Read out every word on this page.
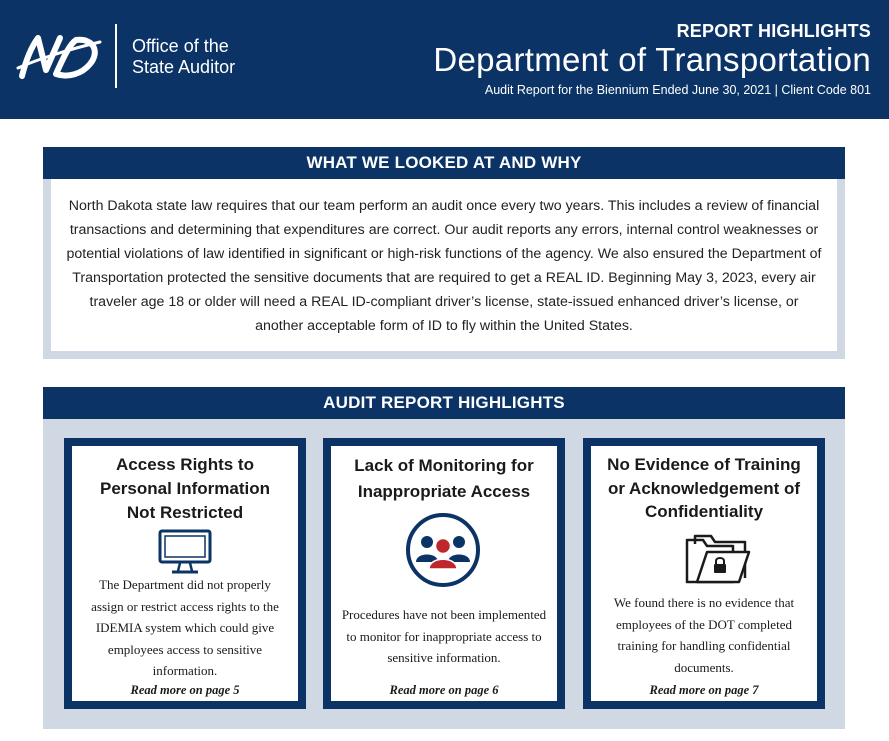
Office of the
State Auditor
REPORT HIGHLIGHTS
Department of Transportation
Audit Report for the Biennium Ended June 30, 2021 | Client Code 801
WHAT WE LOOKED AT AND WHY
North Dakota state law requires that our team perform an audit once every two years. This includes a review of financial transactions and determining that expenditures are correct. Our audit reports any errors, internal control weaknesses or potential violations of law identified in significant or high-risk functions of the agency. We also ensured the Department of Transportation protected the sensitive documents that are required to get a REAL ID. Beginning May 3, 2023, every air traveler age 18 or older will need a REAL ID-compliant driver’s license, state-issued enhanced driver’s license, or another acceptable form of ID to fly within the United States.
AUDIT REPORT HIGHLIGHTS
Access Rights to Personal Information Not Restricted
The Department did not properly assign or restrict access rights to the IDEMIA system which could give employees access to sensitive information.
Read more on page 5
Lack of Monitoring for Inappropriate Access
Procedures have not been implemented to monitor for inappropriate access to sensitive information.
Read more on page 6
No Evidence of Training or Acknowledgement of Confidentiality
We found there is no evidence that employees of the DOT completed training for handling confidential documents.
Read more on page 7
